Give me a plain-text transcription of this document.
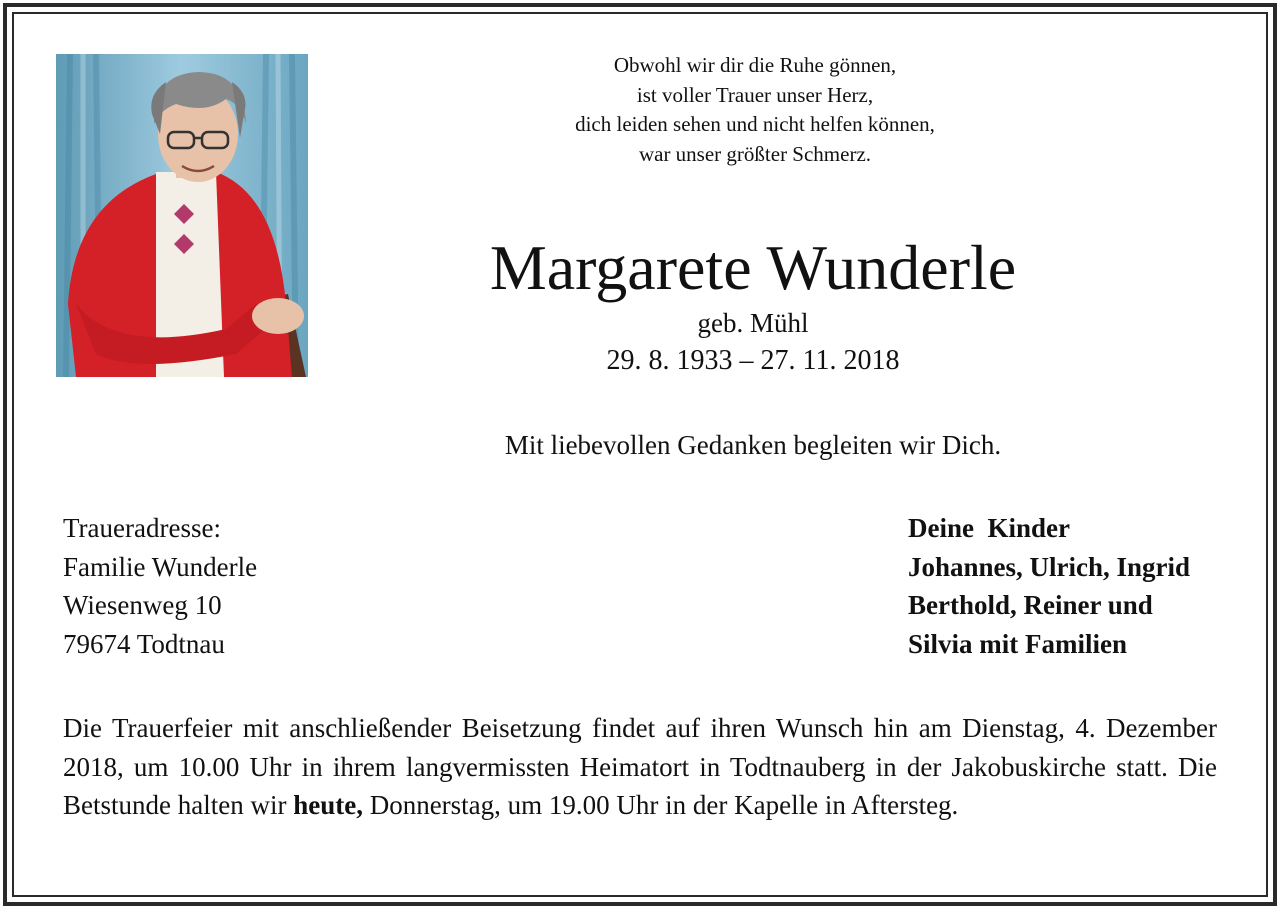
Obwohl wir dir die Ruhe gönnen,
ist voller Trauer unser Herz,
dich leiden sehen und nicht helfen können,
war unser größter Schmerz.
Margarete Wunderle
geb. Mühl
29. 8. 1933 – 27. 11. 2018
Mit liebevollen Gedanken begleiten wir Dich.
Traueradresse:
Familie Wunderle
Wiesenweg 10
79674 Todtnau
Deine  Kinder
Johannes, Ulrich, Ingrid
Berthold, Reiner und
Silvia mit Familien
Die Trauerfeier mit anschließender Beisetzung findet auf ihren Wunsch hin am Dienstag, 4. Dezember 2018, um 10.00 Uhr in ihrem langvermissten Heimatort in Todtnauberg in der Jakobuskirche statt. Die Betstunde halten wir heute, Donnerstag, um 19.00 Uhr in der Kapelle in Aftersteg.
